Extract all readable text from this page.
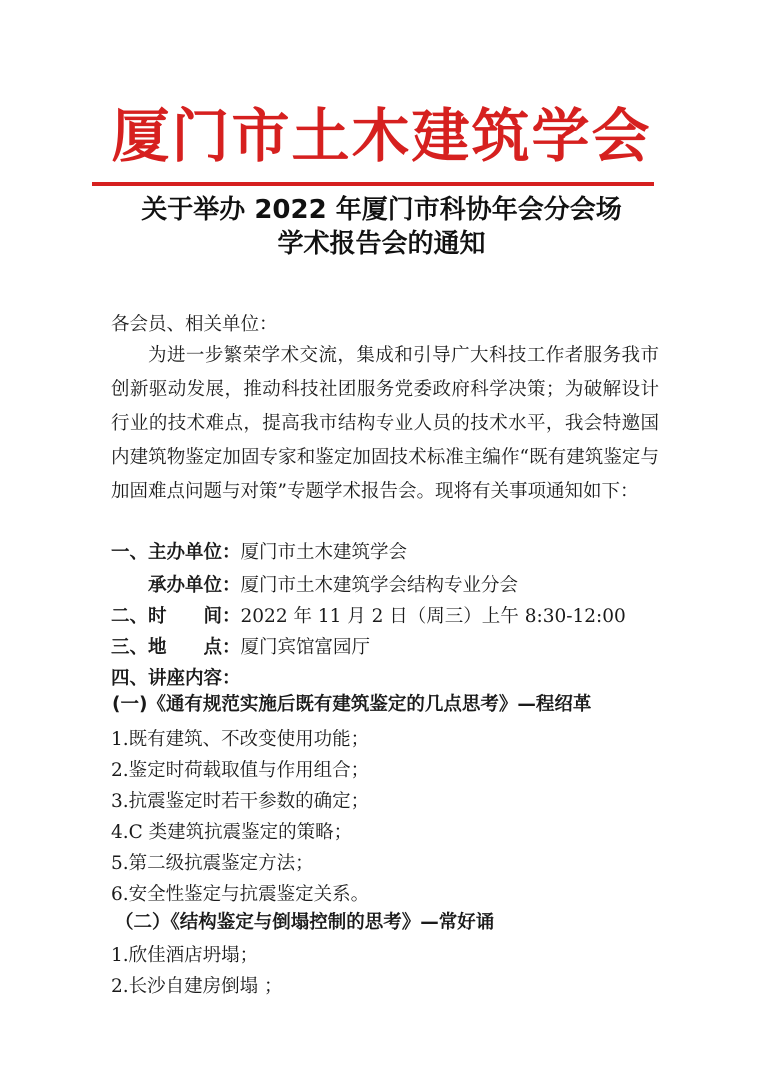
厦门市土木建筑学会
关于举办 2022 年厦门市科协年会分会场
学术报告会的通知
各会员、相关单位：
为进一步繁荣学术交流，集成和引导广大科技工作者服务我市创新驱动发展，推动科技社团服务党委政府科学决策；为破解设计行业的技术难点，提高我市结构专业人员的技术水平，我会特邀国内建筑物鉴定加固专家和鉴定加固技术标准主编作“既有建筑鉴定与加固难点问题与对策”专题学术报告会。现将有关事项通知如下：
一、主办单位：厦门市土木建筑学会
承办单位：厦门市土木建筑学会结构专业分会
二、时　　间：2022 年 11 月 2 日（周三）上午 8:30-12:00
三、地　　点：厦门宾馆富园厅
四、讲座内容：
(一)《通有规范实施后既有建筑鉴定的几点思考》—程绍革
1.既有建筑、不改变使用功能；
2.鉴定时荷载取值与作用组合；
3.抗震鉴定时若干参数的确定；
4.C 类建筑抗震鉴定的策略；
5.第二级抗震鉴定方法；
6.安全性鉴定与抗震鉴定关系。
（二）《结构鉴定与倒塌控制的思考》—常好诵
1.欣佳酒店坍塌；
2.长沙自建房倒塌 ；
